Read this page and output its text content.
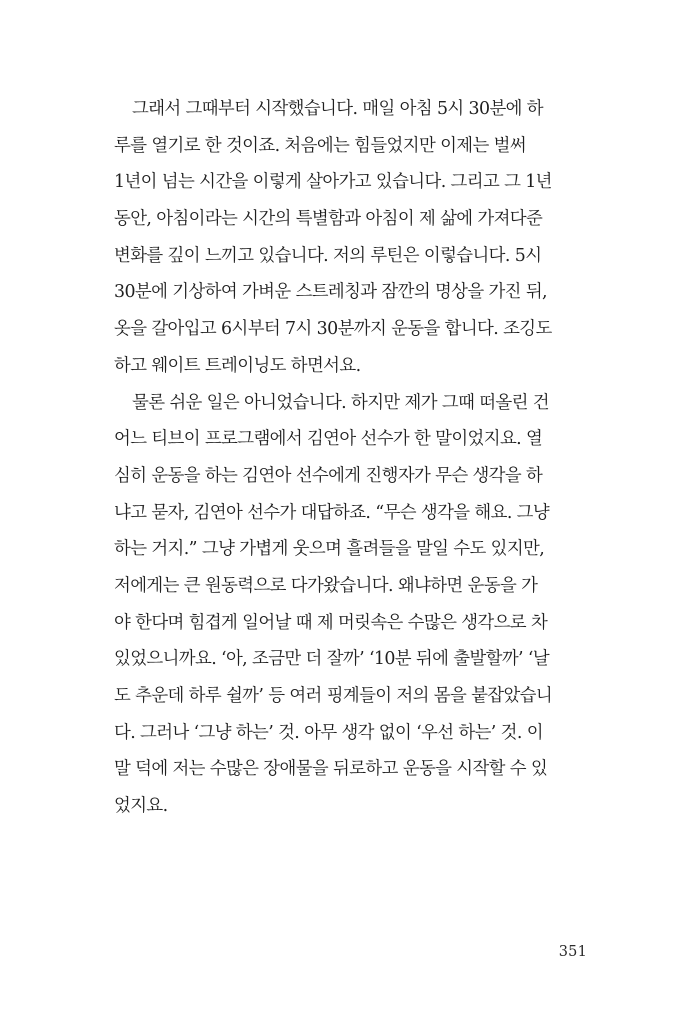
그래서 그때부터 시작했습니다. 매일 아침 5시 30분에 하
루를 열기로 한 것이죠. 처음에는 힘들었지만 이제는 벌써
1년이 넘는 시간을 이렇게 살아가고 있습니다. 그리고 그 1년
동안, 아침이라는 시간의 특별함과 아침이 제 삶에 가져다준
변화를 깊이 느끼고 있습니다. 저의 루틴은 이렇습니다. 5시
30분에 기상하여 가벼운 스트레칭과 잠깐의 명상을 가진 뒤,
옷을 갈아입고 6시부터 7시 30분까지 운동을 합니다. 조깅도
하고 웨이트 트레이닝도 하면서요.
물론 쉬운 일은 아니었습니다. 하지만 제가 그때 떠올린 건
어느 티브이 프로그램에서 김연아 선수가 한 말이었지요. 열
심히 운동을 하는 김연아 선수에게 진행자가 무슨 생각을 하
냐고 묻자, 김연아 선수가 대답하죠. “무슨 생각을 해요. 그냥
하는 거지.” 그냥 가볍게 웃으며 흘려들을 말일 수도 있지만,
저에게는 큰 원동력으로 다가왔습니다. 왜냐하면 운동을 가
야 한다며 힘겹게 일어날 때 제 머릿속은 수많은 생각으로 차
있었으니까요. ‘아, 조금만 더 잘까’ ‘10분 뒤에 출발할까’ ‘날
도 추운데 하루 쉴까’ 등 여러 핑계들이 저의 몸을 붙잡았습니
다. 그러나 ‘그냥 하는’ 것. 아무 생각 없이 ‘우선 하는’ 것. 이
말 덕에 저는 수많은 장애물을 뒤로하고 운동을 시작할 수 있
었지요.
351
